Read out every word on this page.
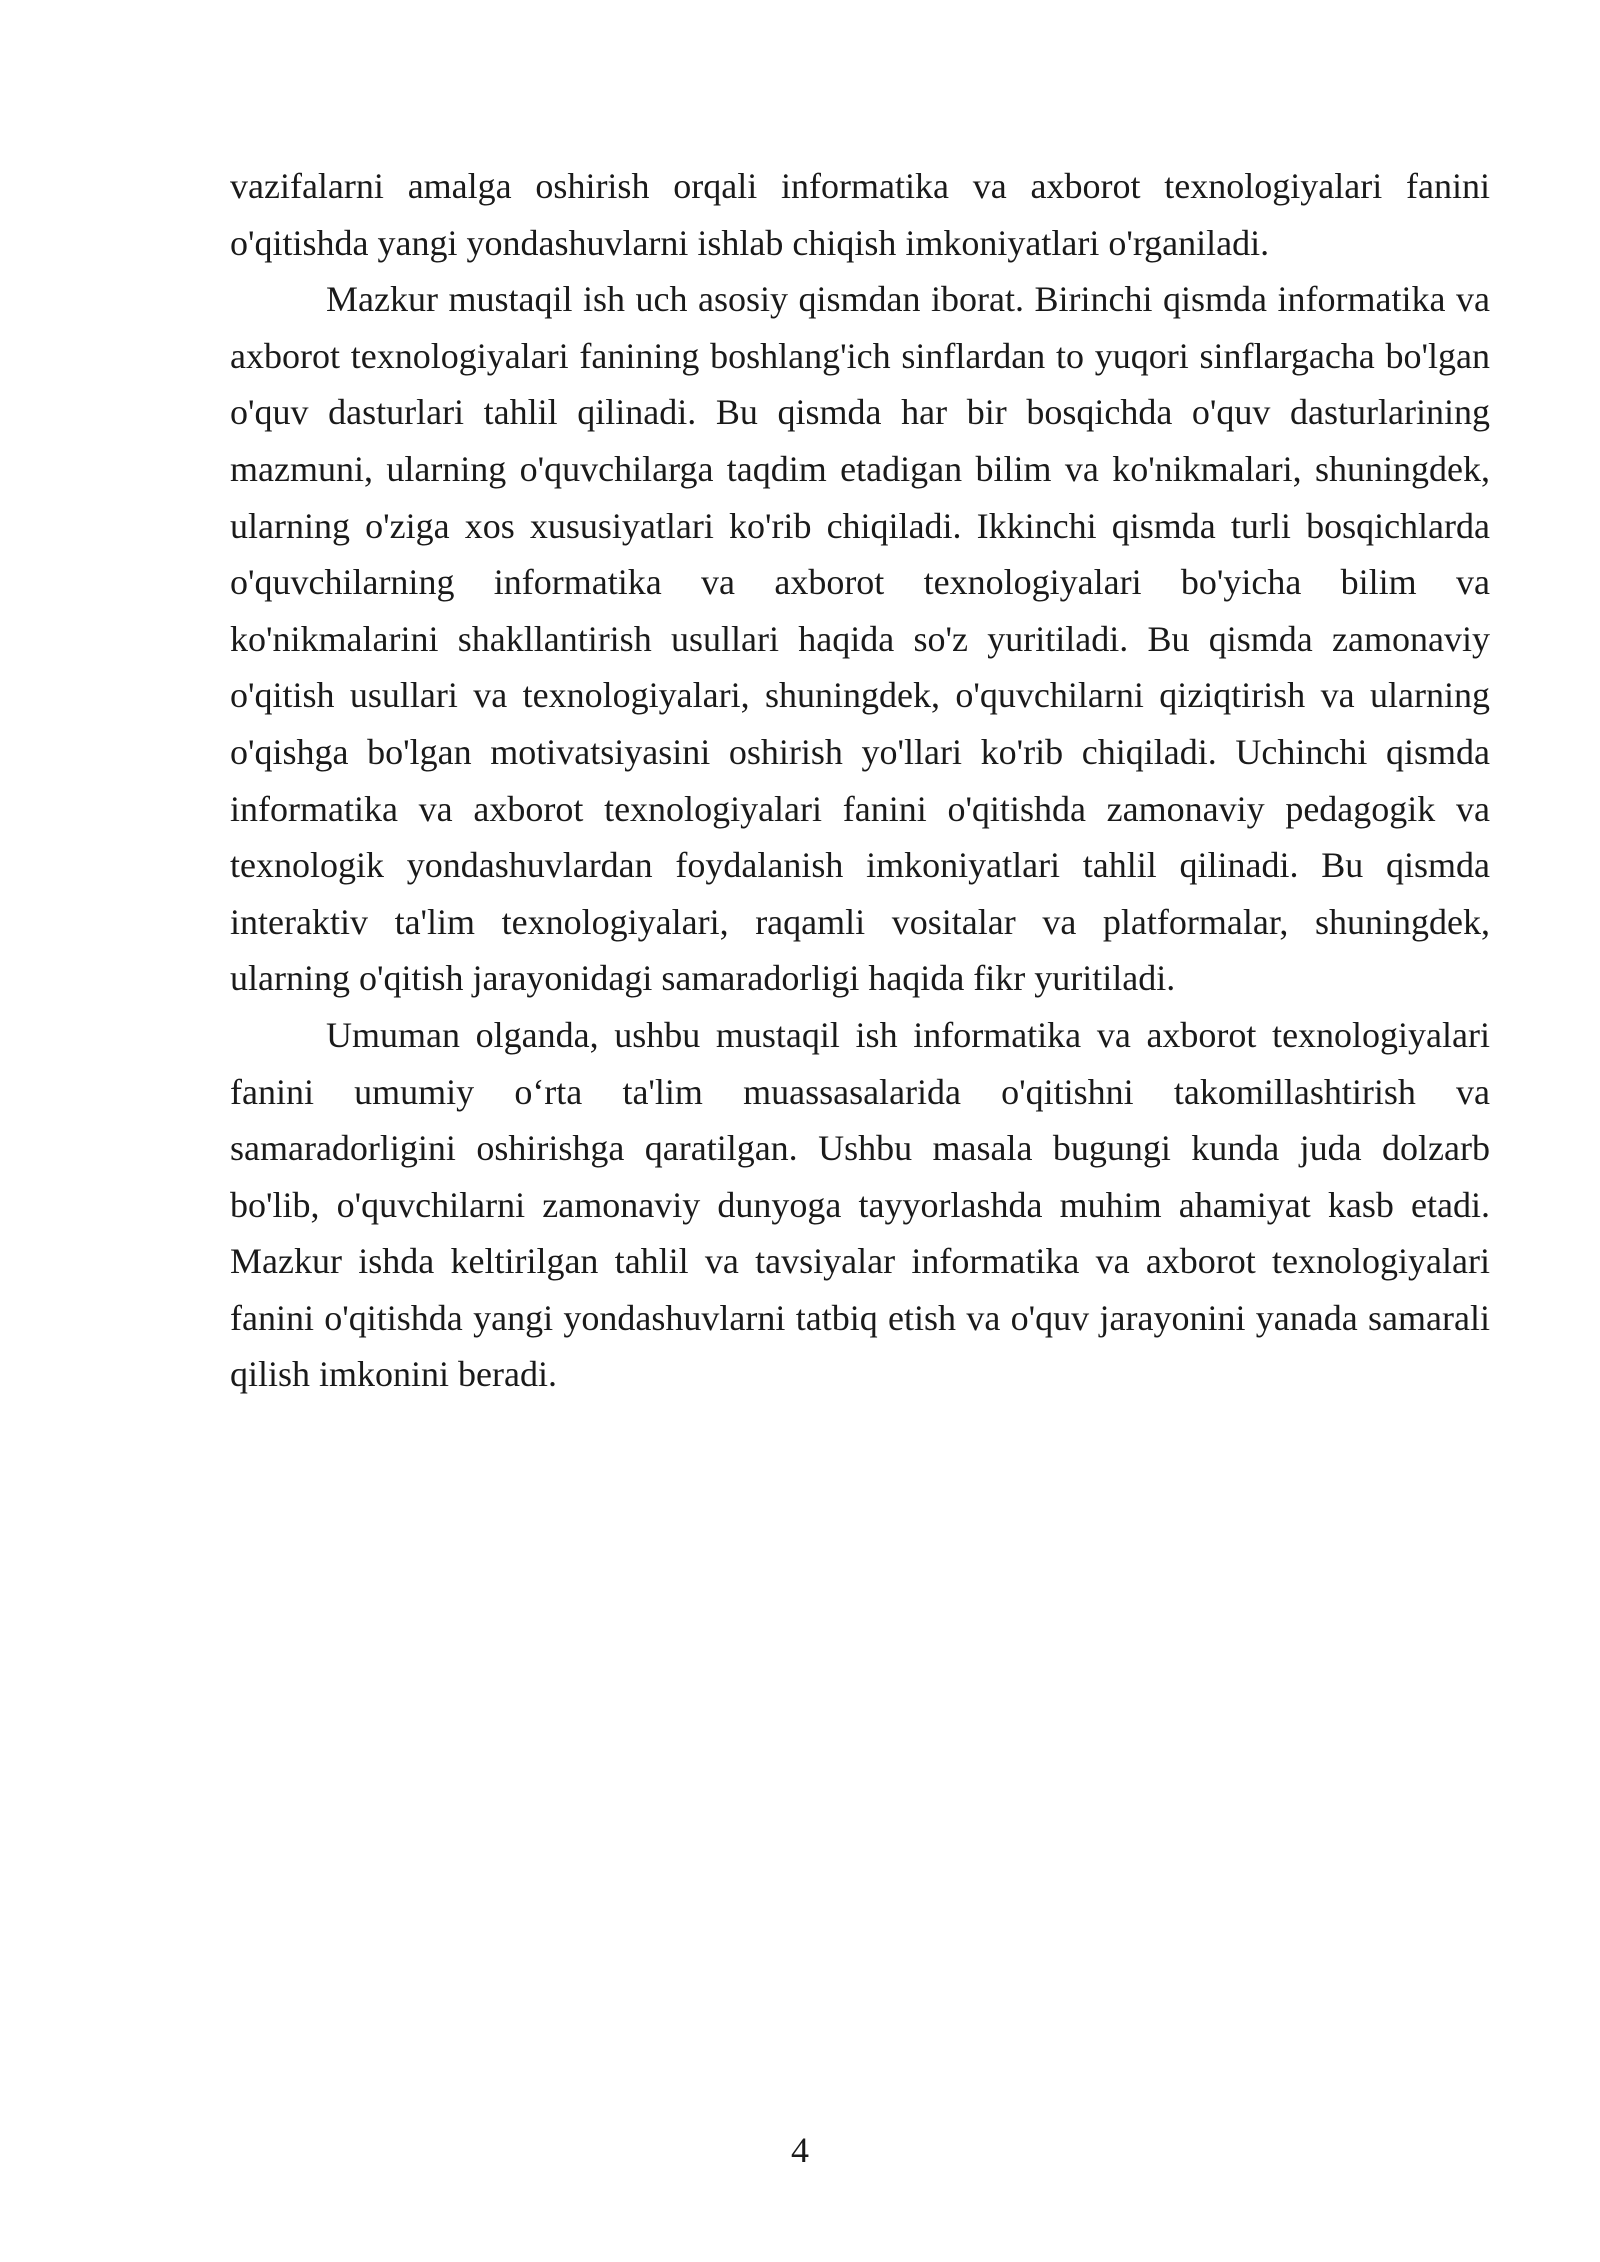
vazifalarni amalga oshirish orqali informatika va axborot texnologiyalari fanini o'qitishda yangi yondashuvlarni ishlab chiqish imkoniyatlari o'rganiladi.

Mazkur mustaqil ish uch asosiy qismdan iborat. Birinchi qismda informatika va axborot texnologiyalari fanining boshlang'ich sinflardan to yuqori sinflargacha bo'lgan o'quv dasturlari tahlil qilinadi. Bu qismda har bir bosqichda o'quv dasturlarining mazmuni, ularning o'quvchilarga taqdim etadigan bilim va ko'nikmalari, shuningdek, ularning o'ziga xos xususiyatlari ko'rib chiqiladi. Ikkinchi qismda turli bosqichlarda o'quvchilarning informatika va axborot texnologiyalari bo'yicha bilim va ko'nikmalarini shakllantirish usullari haqida so'z yuritiladi. Bu qismda zamonaviy o'qitish usullari va texnologiyalari, shuningdek, o'quvchilarni qiziqtirish va ularning o'qishga bo'lgan motivatsiyasini oshirish yo'llari ko'rib chiqiladi. Uchinchi qismda informatika va axborot texnologiyalari fanini o'qitishda zamonaviy pedagogik va texnologik yondashuvlardan foydalanish imkoniyatlari tahlil qilinadi. Bu qismda interaktiv ta'lim texnologiyalari, raqamli vositalar va platformalar, shuningdek, ularning o'qitish jarayonidagi samaradorligi haqida fikr yuritiladi.

Umuman olganda, ushbu mustaqil ish informatika va axborot texnologiyalari fanini umumiy o‘rta ta'lim muassasalarida o'qitishni takomillashtirish va samaradorligini oshirishga qaratilgan. Ushbu masala bugungi kunda juda dolzarb bo'lib, o'quvchilarni zamonaviy dunyoga tayyorlashda muhim ahamiyat kasb etadi. Mazkur ishda keltirilgan tahlil va tavsiyalar informatika va axborot texnologiyalari fanini o'qitishda yangi yondashuvlarni tatbiq etish va o'quv jarayonini yanada samarali qilish imkonini beradi.

4
